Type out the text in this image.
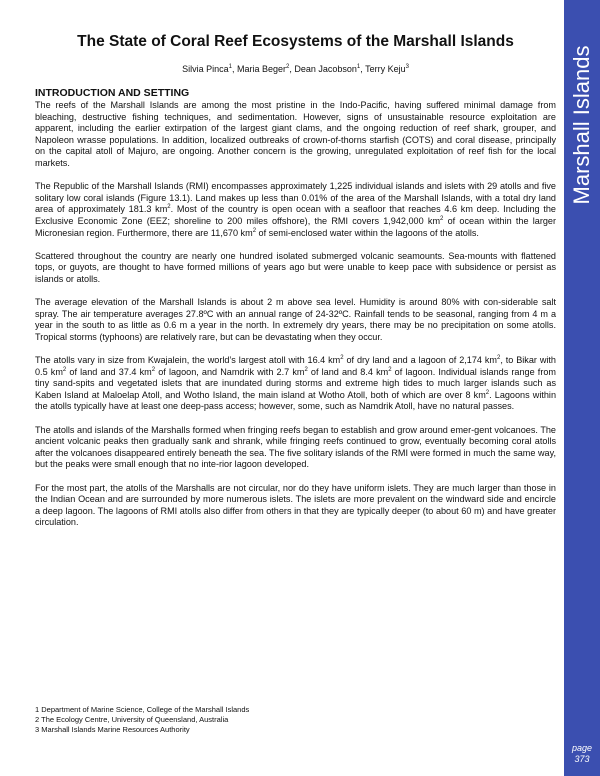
Marshall Islands
page
373
The State of Coral Reef Ecosystems of the Marshall Islands
Silvia Pinca$^1$, Maria Beger$^2$, Dean Jacobson$^1$, Terry Keju$^3$
INTRODUCTION AND SETTING

The reefs of the Marshall Islands are among the most pristine in the Indo-Pacific, having suffered minimal damage from bleaching, destructive fishing techniques, and sedimentation. However, signs of unsustainable resource exploitation are apparent, including the earlier extirpation of the largest giant clams, and the ongoing reduction of reef shark, grouper, and Napoleon wrasse populations. In addition, localized outbreaks of crown-of-thorns starfish (COTS) and coral disease, principally on the capital atoll of Majuro, are ongoing. Another concern is the growing, unregulated exploitation of reef fish for the local markets.

The Republic of the Marshall Islands (RMI) encompasses approximately 1,225 individual islands and islets with 29 atolls and five solitary low coral islands (Figure 13.1). Land makes up less than 0.01% of the area of the Marshall Islands, with a total dry land area of approximately 181.3 $km^2$. Most of the country is open ocean with a seafloor that reaches 4.6 km deep. Including the Exclusive Economic Zone (EEZ; shoreline to 200 miles offshore), the RMI covers 1,942,000 $km^2$ of ocean within the larger Micronesian region. Furthermore, there are 11,670 $km^2$ of semi-enclosed water within the lagoons of the atolls.

Scattered throughout the country are nearly one hundred isolated submerged volcanic seamounts. Sea-mounts with flattened tops, or guyots, are thought to have formed millions of years ago but were unable to keep pace with subsidence or persist as islands or atolls.

The average elevation of the Marshall Islands is about 2 m above sea level. Humidity is around 80% with con-siderable salt spray. The air temperature averages 27.8ºC with an annual range of 24-32ºC. Rainfall tends to be seasonal, ranging from 4 m a year in the south to as little as 0.6 m a year in the north. In extremely dry years, there may be no precipitation on some atolls. Tropical storms (typhoons) are relatively rare, but can be devastating when they occur.

The atolls vary in size from Kwajalein, the world’s largest atoll with 16.4 $km^2$ of dry land and a lagoon of 2,174 $km^2$, to Bikar with 0.5 $km^2$ of land and 37.4 $km^2$ of lagoon, and Namdrik with 2.7 $km^2$ of land and 8.4 $km^2$ of lagoon. Individual islands range from tiny sand-spits and vegetated islets that are inundated during storms and extreme high tides to much larger islands such as Kaben Island at Maloelap Atoll, and Wotho Island, the main island at Wotho Atoll, both of which are over 8 $km^2$. Lagoons within the atolls typically have at least one deep-pass access; however, some, such as Namdrik Atoll, have no natural passes.

The atolls and islands of the Marshalls formed when fringing reefs began to establish and grow around emer-gent volcanoes. The ancient volcanic peaks then gradually sank and shrank, while fringing reefs continued to grow, eventually becoming coral atolls after the volcanoes disappeared entirely beneath the sea. The five solitary islands of the RMI were formed in much the same way, but the peaks were small enough that no inte-rior lagoon developed.

For the most part, the atolls of the Marshalls are not circular, nor do they have uniform islets. They are much larger than those in the Indian Ocean and are surrounded by more numerous islets. The islets are more prevalent on the windward side and encircle a deep lagoon. The lagoons of RMI atolls also differ from others in that they are typically deeper (to about 60 m) and have greater circulation.

1 Department of Marine Science, College of the Marshall Islands
2 The Ecology Centre, University of Queensland, Australia
3 Marshall Islands Marine Resources Authority
